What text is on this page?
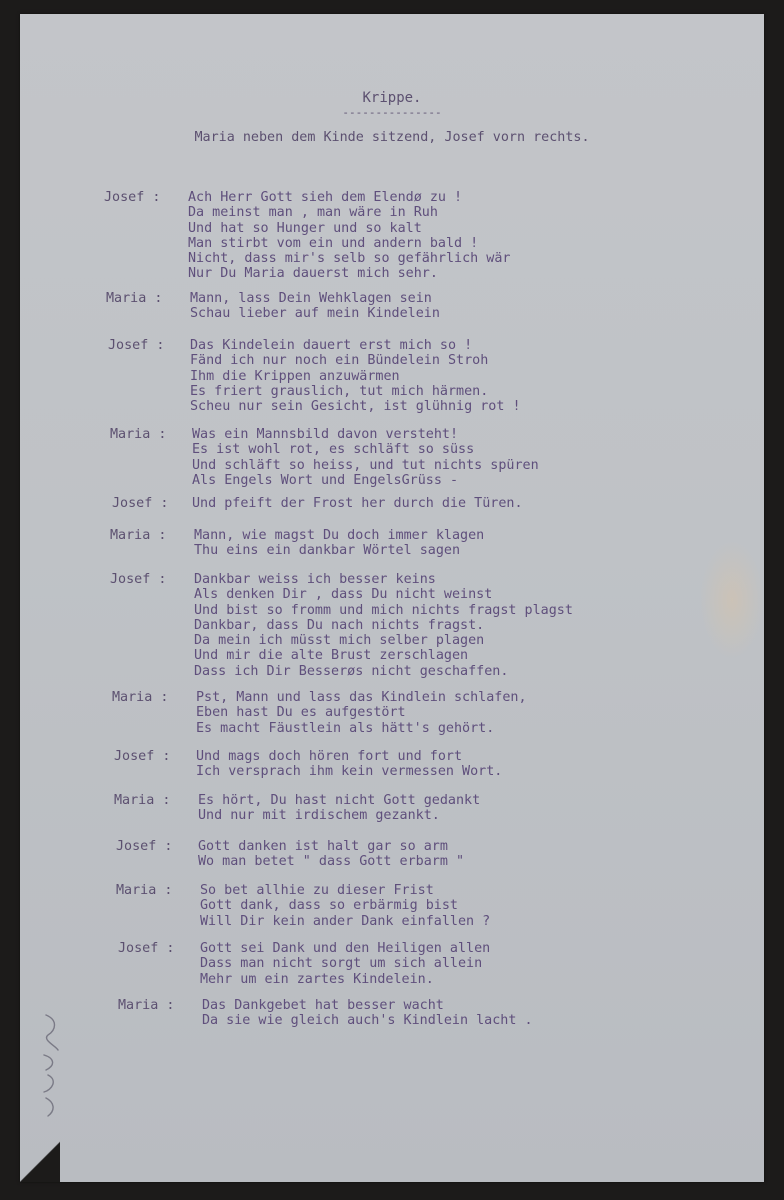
Krippe.
---------------
Maria neben dem Kinde sitzend, Josef vorn rechts.
Josef :	Ach Herr Gott sieh dem Elendø zu !
Da meinst man , man wäre in Ruh
Und hat so Hunger und so kalt
Man stirbt vom ein und andern bald !
Nicht, dass mir's selb so gefährlich wär
Nur Du Maria dauerst mich sehr.
Maria :	Mann, lass Dein Wehklagen sein
Schau lieber auf mein Kindelein
Josef :	Das Kindelein dauert erst mich so !
Fänd ich nur noch ein Bündelein Stroh
Ihm die Krippen anzuwärmen
Es friert grauslich, tut mich härmen.
Scheu nur sein Gesicht, ist glühnig rot !
Maria :	Was ein Mannsbild davon versteht!
Es ist wohl rot, es schläft so süss
Und schläft so heiss, und tut nichts spüren
Als Engels Wort und EngelsGrüss -
Josef :	Und pfeift der Frost her durch die Türen.
Maria :	Mann, wie magst Du doch immer klagen
Thu eins ein dankbar Wörtel sagen
Josef :	Dankbar weiss ich besser keins
Als denken Dir , dass Du nicht weinst
Und bist so fromm und mich nichts fragst plagst
Dankbar, dass Du nach nichts fragst.
Da mein ich müsst mich selber plagen
Und mir die alte Brust zerschlagen
Dass ich Dir Besserøs nicht geschaffen.
Maria :	Pst, Mann und lass das Kindlein schlafen,
Eben hast Du es aufgestört
Es macht Fäustlein als hätt's gehört.
Josef :	Und mags doch hören fort und fort
Ich versprach ihm kein vermessen Wort.
Maria :	Es hört, Du hast nicht Gott gedankt
Und nur mit irdischem gezankt.
Josef :	Gott danken ist halt gar so arm
Wo man betet " dass Gott erbarm "
Maria :	So bet allhie zu dieser Frist
Gott dank, dass so erbärmig bist
Will Dir kein ander Dank einfallen ?
Josef :	Gott sei Dank und den Heiligen allen
Dass man nicht sorgt um sich allein
Mehr um ein zartes Kindelein.
Maria :	Das Dankgebet hat besser wacht
Da sie wie gleich auch's Kindlein lacht .
